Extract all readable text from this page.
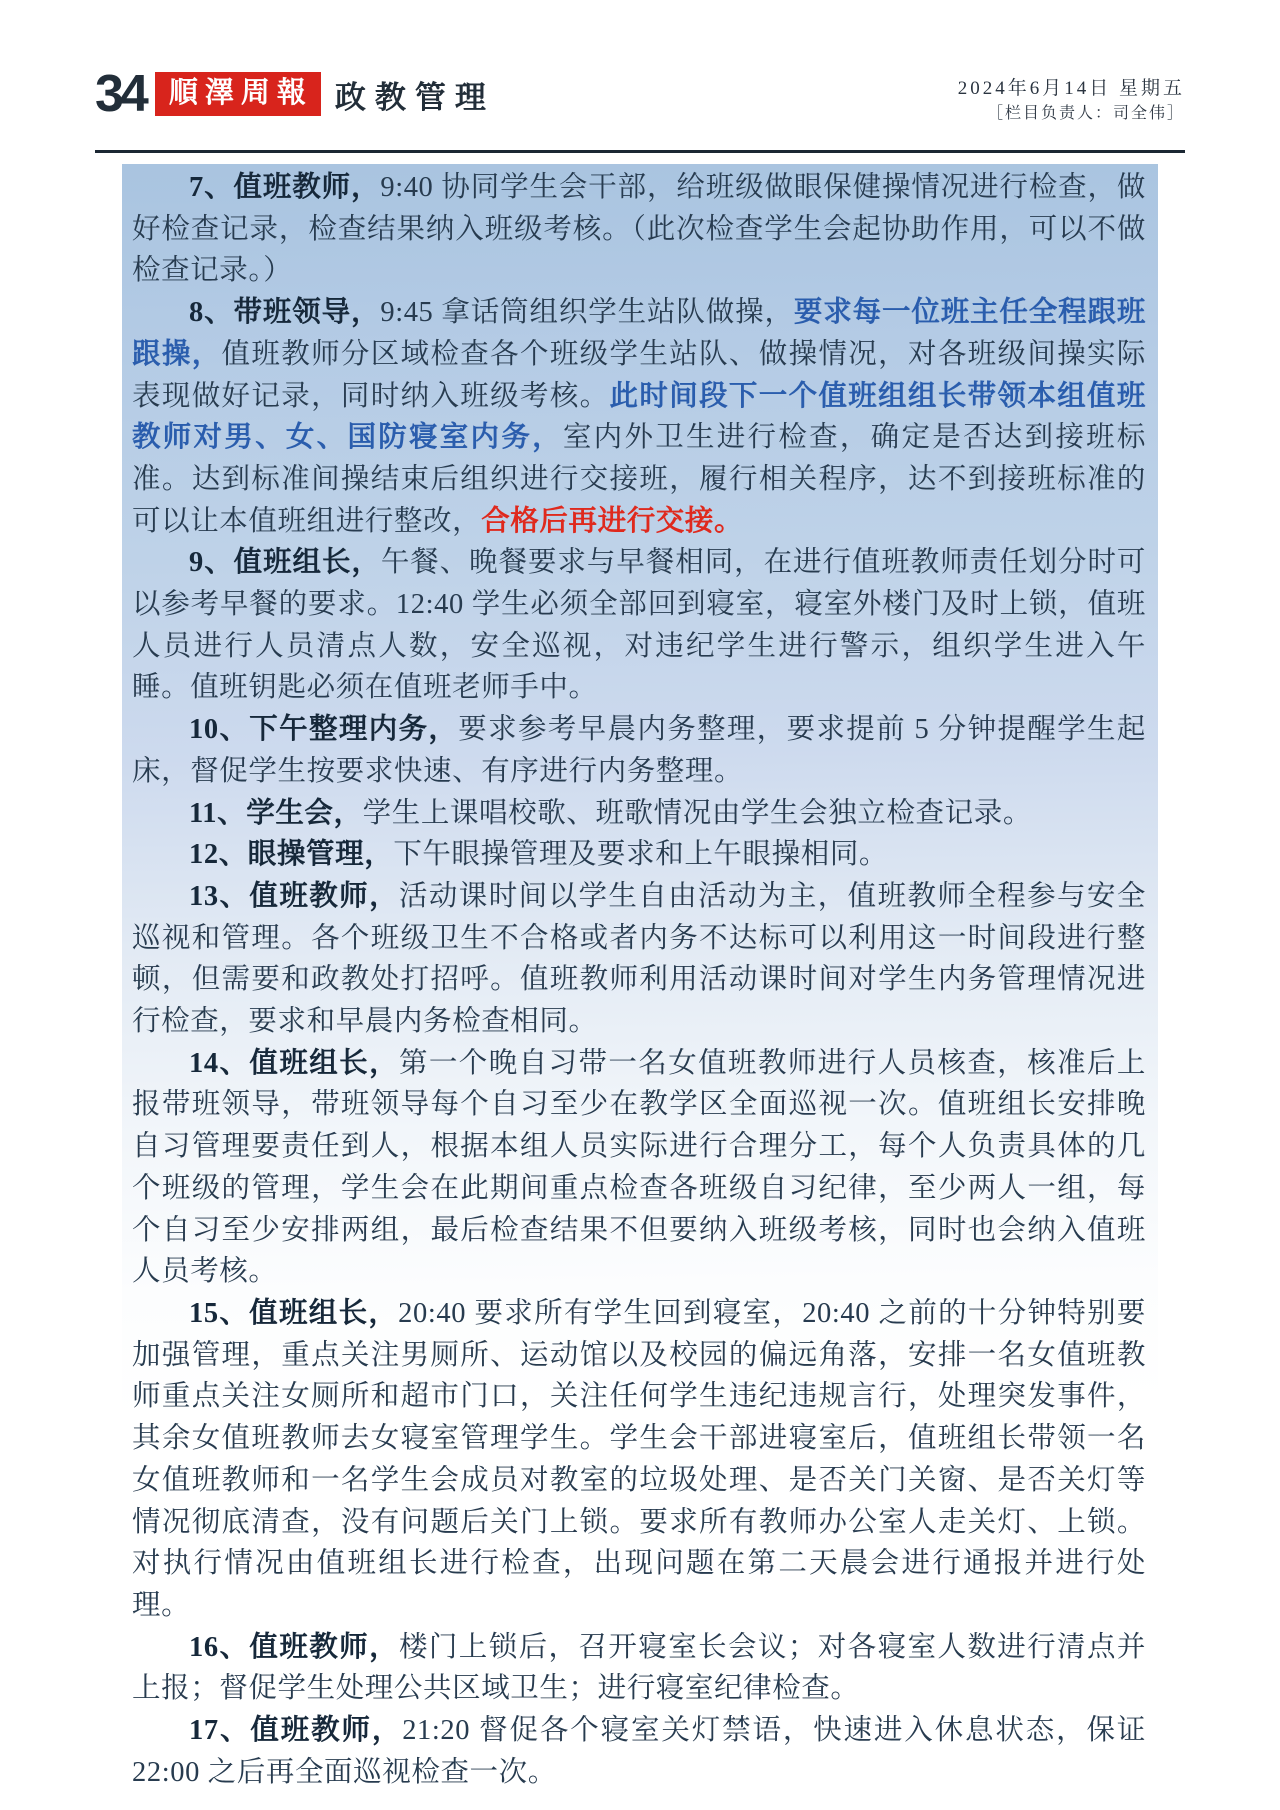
34 順澤周報 政教管理	2024年6月14日 星期五
［栏目负责人：司全伟］

7、值班教师，9:40 协同学生会干部，给班级做眼保健操情况进行检查，做好检查记录，检查结果纳入班级考核。（此次检查学生会起协助作用，可以不做检查记录。）

8、带班领导，9:45 拿话筒组织学生站队做操，要求每一位班主任全程跟班跟操，值班教师分区域检查各个班级学生站队、做操情况，对各班级间操实际表现做好记录，同时纳入班级考核。此时间段下一个值班组组长带领本组值班教师对男、女、国防寝室内务，室内外卫生进行检查，确定是否达到接班标准。达到标准间操结束后组织进行交接班，履行相关程序，达不到接班标准的可以让本值班组进行整改，合格后再进行交接。

9、值班组长，午餐、晚餐要求与早餐相同，在进行值班教师责任划分时可以参考早餐的要求。12:40 学生必须全部回到寝室，寝室外楼门及时上锁，值班人员进行人员清点人数，安全巡视，对违纪学生进行警示，组织学生进入午睡。值班钥匙必须在值班老师手中。

10、下午整理内务，要求参考早晨内务整理，要求提前 5 分钟提醒学生起床，督促学生按要求快速、有序进行内务整理。

11、学生会，学生上课唱校歌、班歌情况由学生会独立检查记录。

12、眼操管理，下午眼操管理及要求和上午眼操相同。

13、值班教师，活动课时间以学生自由活动为主，值班教师全程参与安全巡视和管理。各个班级卫生不合格或者内务不达标可以利用这一时间段进行整顿，但需要和政教处打招呼。值班教师利用活动课时间对学生内务管理情况进行检查，要求和早晨内务检查相同。

14、值班组长，第一个晚自习带一名女值班教师进行人员核查，核准后上报带班领导，带班领导每个自习至少在教学区全面巡视一次。值班组长安排晚自习管理要责任到人，根据本组人员实际进行合理分工，每个人负责具体的几个班级的管理，学生会在此期间重点检查各班级自习纪律，至少两人一组，每个自习至少安排两组，最后检查结果不但要纳入班级考核，同时也会纳入值班人员考核。

15、值班组长，20:40 要求所有学生回到寝室，20:40 之前的十分钟特别要加强管理，重点关注男厕所、运动馆以及校园的偏远角落，安排一名女值班教师重点关注女厕所和超市门口，关注任何学生违纪违规言行，处理突发事件，其余女值班教师去女寝室管理学生。学生会干部进寝室后，值班组长带领一名女值班教师和一名学生会成员对教室的垃圾处理、是否关门关窗、是否关灯等情况彻底清查，没有问题后关门上锁。要求所有教师办公室人走关灯、上锁。对执行情况由值班组长进行检查，出现问题在第二天晨会进行通报并进行处理。

16、值班教师，楼门上锁后，召开寝室长会议；对各寝室人数进行清点并上报；督促学生处理公共区域卫生；进行寝室纪律检查。

17、值班教师，21:20 督促各个寝室关灯禁语，快速进入休息状态，保证 22:00 之后再全面巡视检查一次。
